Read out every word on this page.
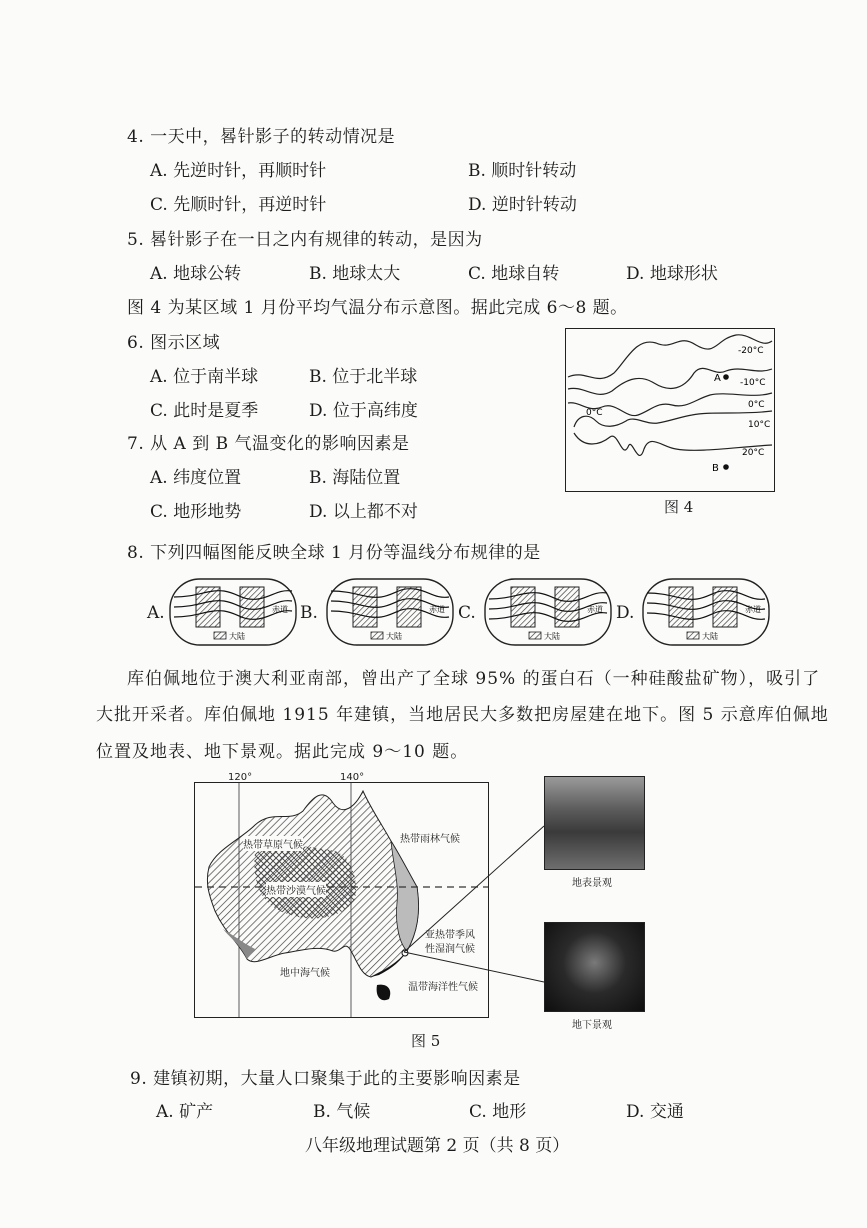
4. 一天中，晷针影子的转动情况是
A. 先逆时针，再顺时针	B. 顺时针转动
C. 先顺时针，再逆时针	D. 逆时针转动
5. 晷针影子在一日之内有规律的转动，是因为
A. 地球公转	B. 地球太大	C. 地球自转	D. 地球形状
图 4 为某区域 1 月份平均气温分布示意图。据此完成 6～8 题。
6. 图示区域
A. 位于南半球	B. 位于北半球
C. 此时是夏季	D. 位于高纬度
7. 从 A 到 B 气温变化的影响因素是
A. 纬度位置	B. 海陆位置
C. 地形地势	D. 以上都不对
A
B
-20°C
-10°C
0°C
10°C
20°C
0°C
图 4
8. 下列四幅图能反映全球 1 月份等温线分布规律的是
A.	赤道
大陆
B.	赤道
大陆
C.	赤道
大陆
D.	赤道
大陆
库伯佩地位于澳大利亚南部，曾出产了全球 95% 的蛋白石（一种硅酸盐矿物），吸引了
大批开采者。库伯佩地 1915 年建镇，当地居民大多数把房屋建在地下。图 5 示意库伯佩地
位置及地表、地下景观。据此完成 9～10 题。
120°	140°
热带草原气候
热带雨林气候
热带沙漠气候
亚热带季风
性湿润气候
地中海气候
温带海洋性气候
地表景观
地下景观
图 5
9. 建镇初期，大量人口聚集于此的主要影响因素是
A. 矿产	B. 气候	C. 地形	D. 交通
八年级地理试题第 2 页（共 8 页）
